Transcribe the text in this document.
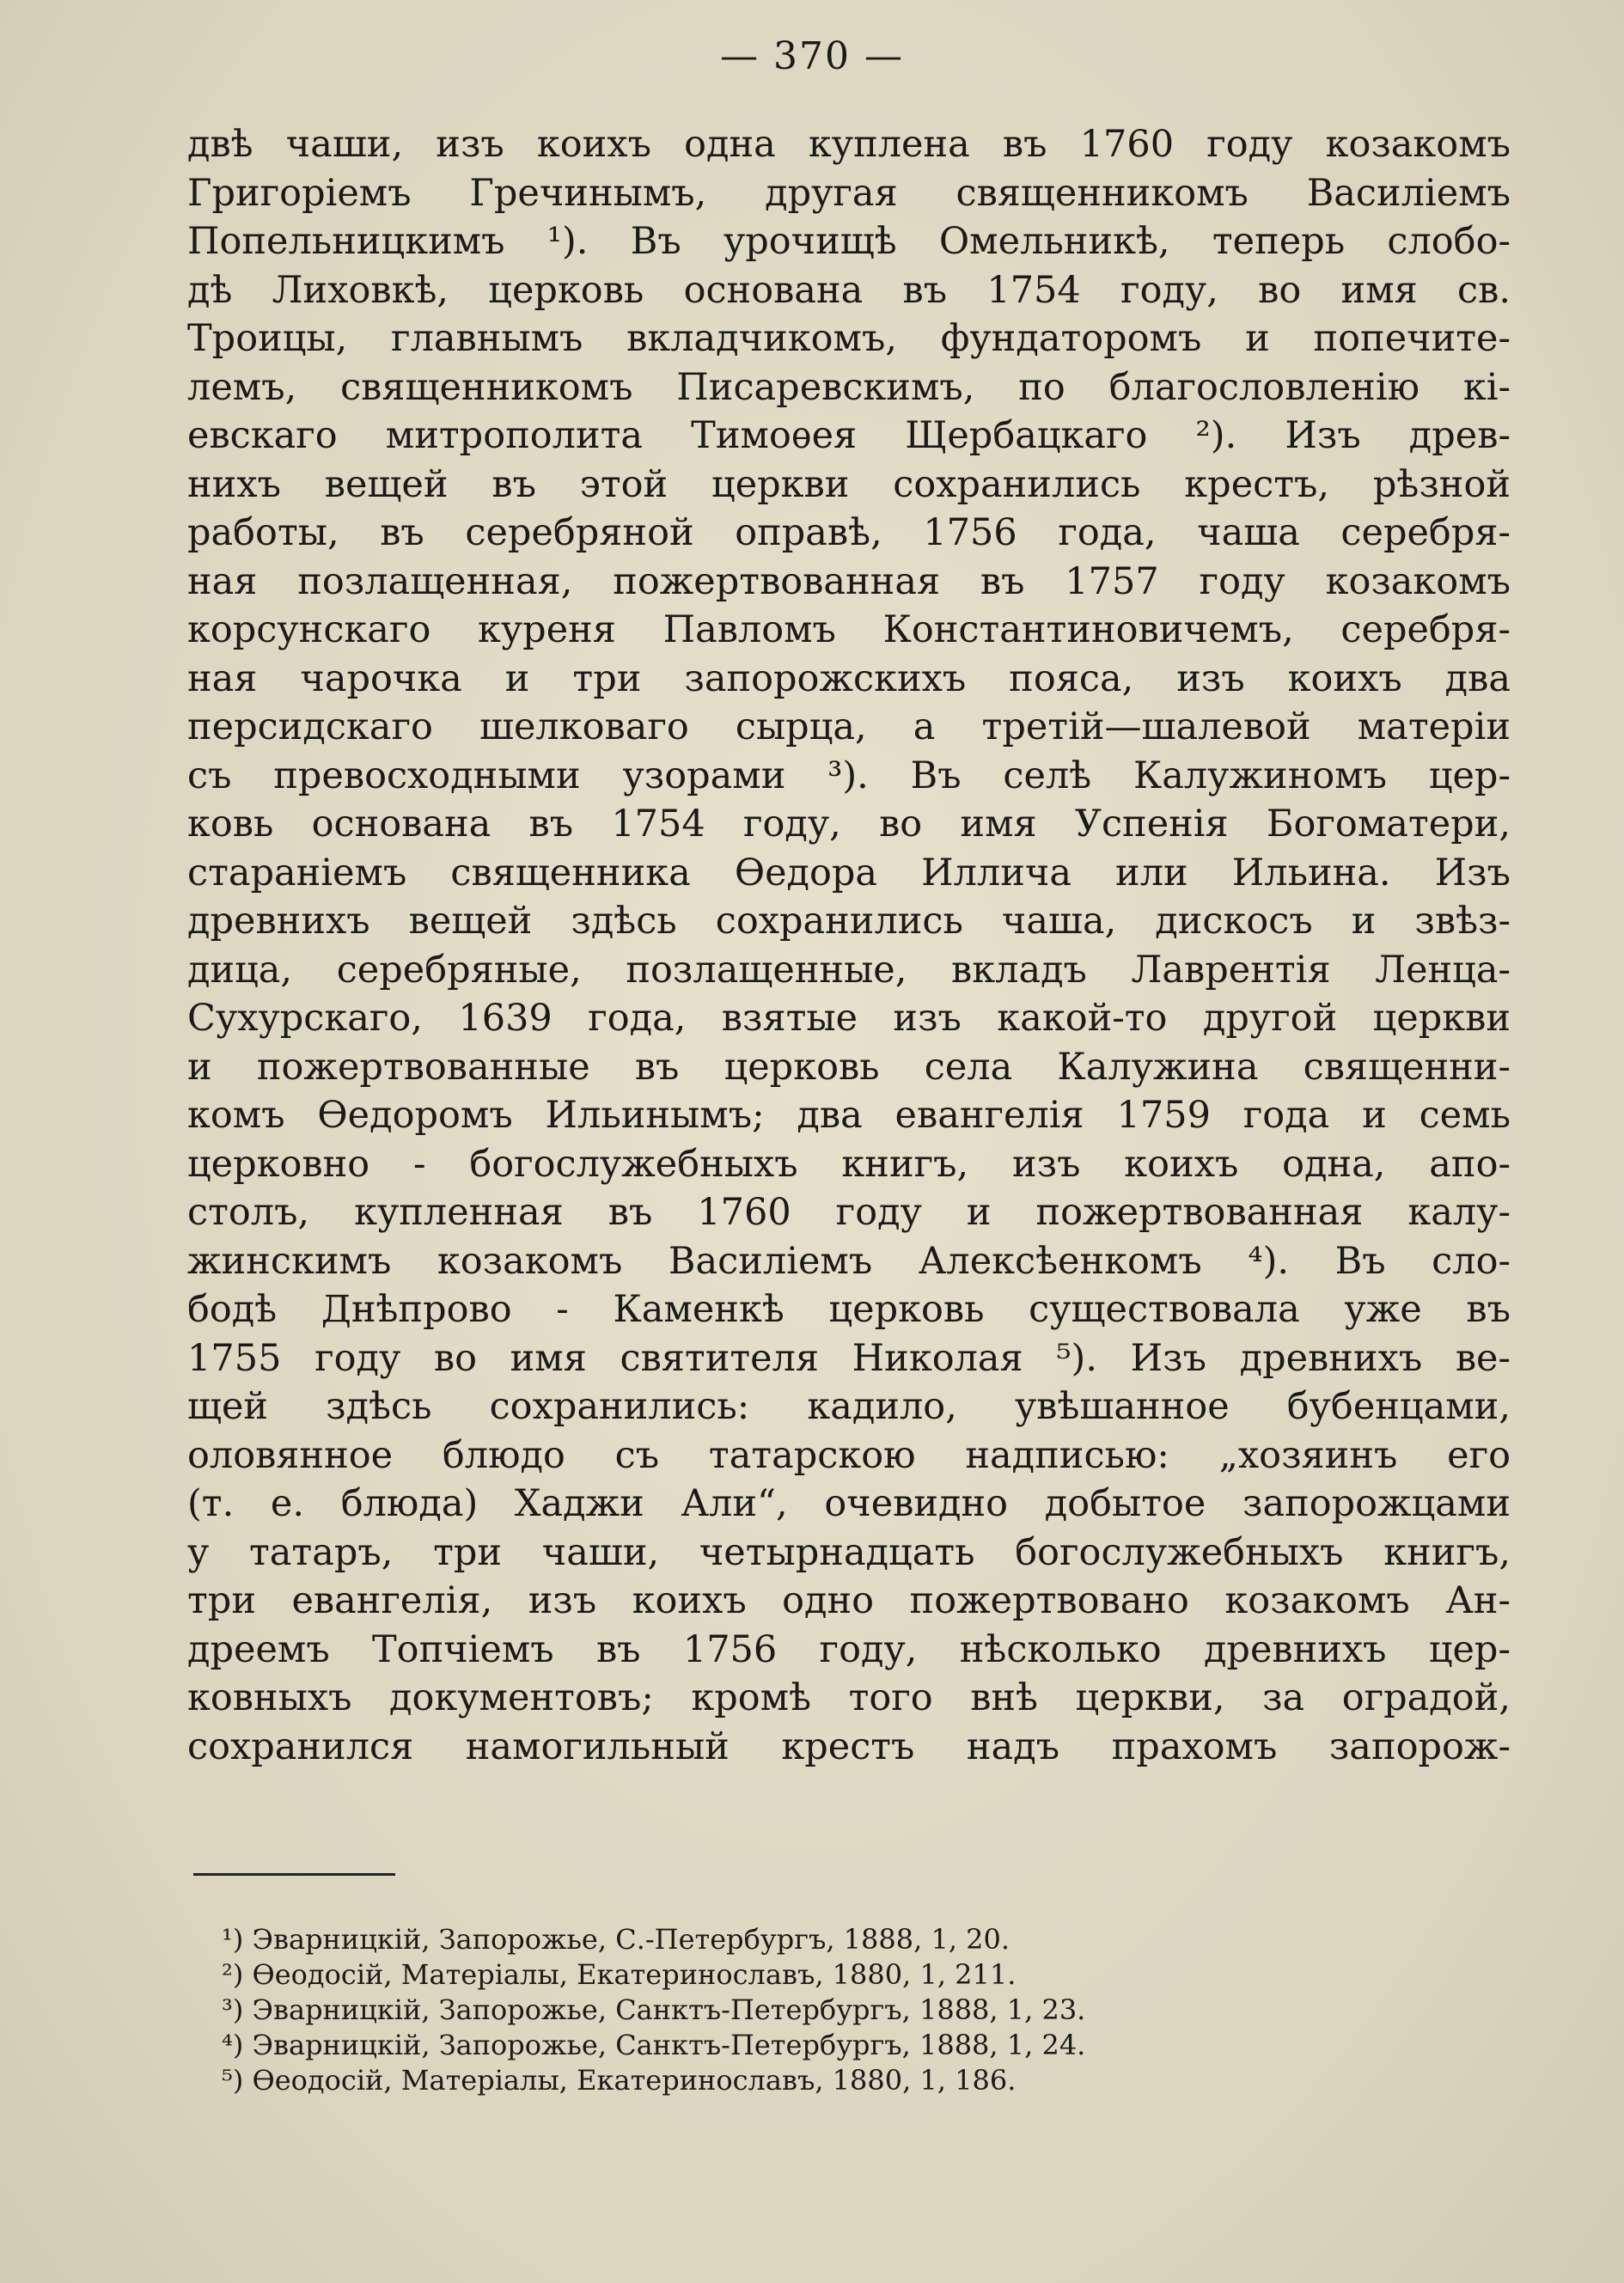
— 370 —
двѣ чаши, изъ коихъ одна куплена въ 1760 году козакомъ
Григоріемъ Гречинымъ, другая священникомъ Василіемъ
Попельницкимъ ¹). Въ урочищѣ Омельникѣ, теперь слобо-
дѣ Лиховкѣ, церковь основана въ 1754 году, во имя св.
Троицы, главнымъ вкладчикомъ, фундаторомъ и попечите-
лемъ, священникомъ Писаревскимъ, по благословленію кі-
евскаго митрополита Тимоѳея Щербацкаго ²). Изъ древ-
нихъ вещей въ этой церкви сохранились крестъ, рѣзной
работы, въ серебряной оправѣ, 1756 года, чаша серебря-
ная позлащенная, пожертвованная въ 1757 году козакомъ
корсунскаго куреня Павломъ Константиновичемъ, серебря-
ная чарочка и три запорожскихъ пояса, изъ коихъ два
персидскаго шелковаго сырца, а третій—шалевой матеріи
съ превосходными узорами ³). Въ селѣ Калужиномъ цер-
ковь основана въ 1754 году, во имя Успенія Богоматери,
стараніемъ священника Ѳедора Иллича или Ильина. Изъ
древнихъ вещей здѣсь сохранились чаша, дискосъ и звѣз-
дица, серебряные, позлащенные, вкладъ Лаврентія Ленца-
Сухурскаго, 1639 года, взятые изъ какой-то другой церкви
и пожертвованные въ церковь села Калужина священни-
комъ Ѳедоромъ Ильинымъ; два евангелія 1759 года и семь
церковно - богослужебныхъ книгъ, изъ коихъ одна, апо-
столъ, купленная въ 1760 году и пожертвованная калу-
жинскимъ козакомъ Василіемъ Алексѣенкомъ ⁴). Въ сло-
бодѣ Днѣпрово - Каменкѣ церковь существовала уже въ
1755 году во имя святителя Николая ⁵). Изъ древнихъ ве-
щей здѣсь сохранились: кадило, увѣшанное бубенцами,
оловянное блюдо съ татарскою надписью: „хозяинъ его
(т. е. блюда) Хаджи Али“, очевидно добытое запорожцами
у татаръ, три чаши, четырнадцать богослужебныхъ книгъ,
три евангелія, изъ коихъ одно пожертвовано козакомъ Ан-
дреемъ Топчіемъ въ 1756 году, нѣсколько древнихъ цер-
ковныхъ документовъ; кромѣ того внѣ церкви, за оградой,
сохранился намогильный крестъ надъ прахомъ запорож-
¹) Эварницкій, Запорожье, С.-Петербургъ, 1888, 1, 20.
²) Ѳеодосій, Матеріалы, Екатеринославъ, 1880, 1, 211.
³) Эварницкій, Запорожье, Санктъ-Петербургъ, 1888, 1, 23.
⁴) Эварницкій, Запорожье, Санктъ-Петербургъ, 1888, 1, 24.
⁵) Ѳеодосій, Матеріалы, Екатеринославъ, 1880, 1, 186.
